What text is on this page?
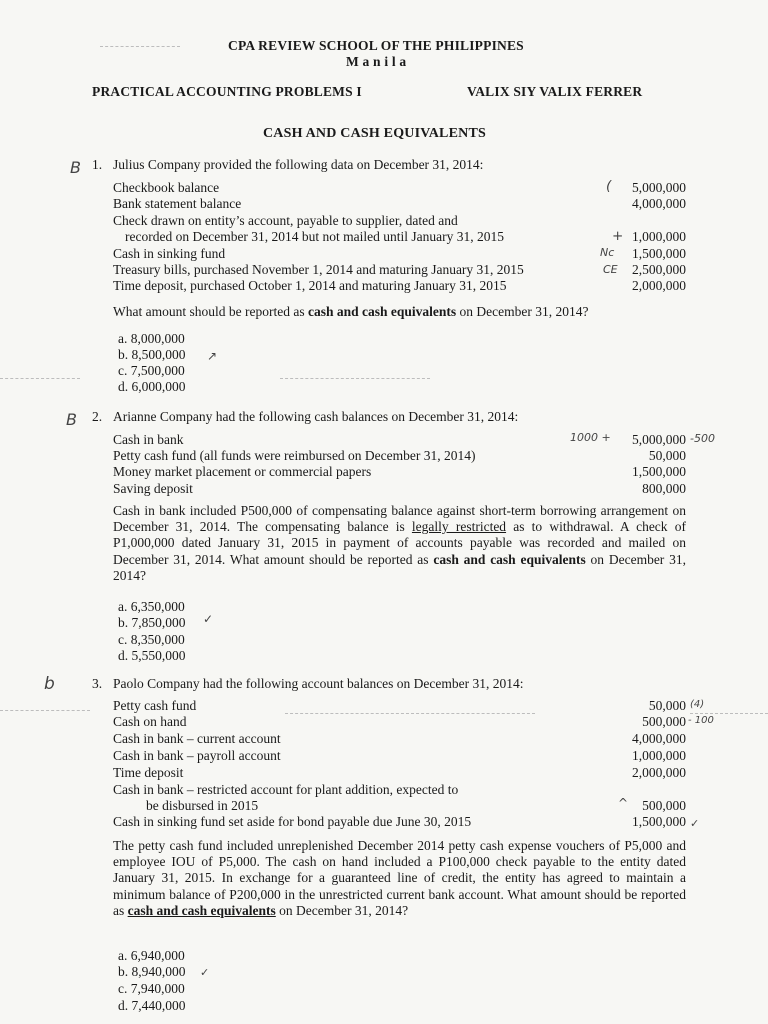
CPA REVIEW SCHOOL OF THE PHILIPPINES
M a n i l a
PRACTICAL ACCOUNTING PROBLEMS I	VALIX SIY VALIX FERRER
CASH AND CASH EQUIVALENTS
B 1. Julius Company provided the following data on December 31, 2014:
Checkbook balance	( 5,000,000
Bank statement balance	4,000,000
Check drawn on entity’s account, payable to supplier, dated and
recorded on December 31, 2014 but not mailed until January 31, 2015	+ 1,000,000
Cash in sinking fund	Nc 1,500,000
Treasury bills, purchased November 1, 2014 and maturing January 31, 2015	CE 2,500,000
Time deposit, purchased October 1, 2014 and maturing January 31, 2015	2,000,000
What amount should be reported as cash and cash equivalents on December 31, 2014?
a. 8,000,000
b. 8,500,000 ↗
c. 7,500,000
d. 6,000,000
B 2. Arianne Company had the following cash balances on December 31, 2014:
Cash in bank	1000 + 5,000,000 -500
Petty cash fund (all funds were reimbursed on December 31, 2014)	50,000
Money market placement or commercial papers	1,500,000
Saving deposit	800,000
Cash in bank included P500,000 of compensating balance against short-term borrowing arrangement on December 31, 2014. The compensating balance is legally restricted as to withdrawal. A check of P1,000,000 dated January 31, 2015 in payment of accounts payable was recorded and mailed on December 31, 2014. What amount should be reported as cash and cash equivalents on December 31, 2014?
a. 6,350,000
b. 7,850,000 ✓
c. 8,350,000
d. 5,550,000
b	3. Paolo Company had the following account balances on December 31, 2014:
Petty cash fund	50,000 (4)
Cash on hand	500,000 - 100
Cash in bank – current account	4,000,000
Cash in bank – payroll account	1,000,000
Time deposit	2,000,000
Cash in bank – restricted account for plant addition, expected to
be disbursed in 2015	^ 500,000
Cash in sinking fund set aside for bond payable due June 30, 2015	1,500,000 ✓
The petty cash fund included unreplenished December 2014 petty cash expense vouchers of P5,000 and employee IOU of P5,000. The cash on hand included a P100,000 check payable to the entity dated January 31, 2015. In exchange for a guaranteed line of credit, the entity has agreed to maintain a minimum balance of P200,000 in the unrestricted current bank account. What amount should be reported as cash and cash equivalents on December 31, 2014?
a. 6,940,000
b. 8,940,000 ✓
c. 7,940,000
d. 7,440,000
